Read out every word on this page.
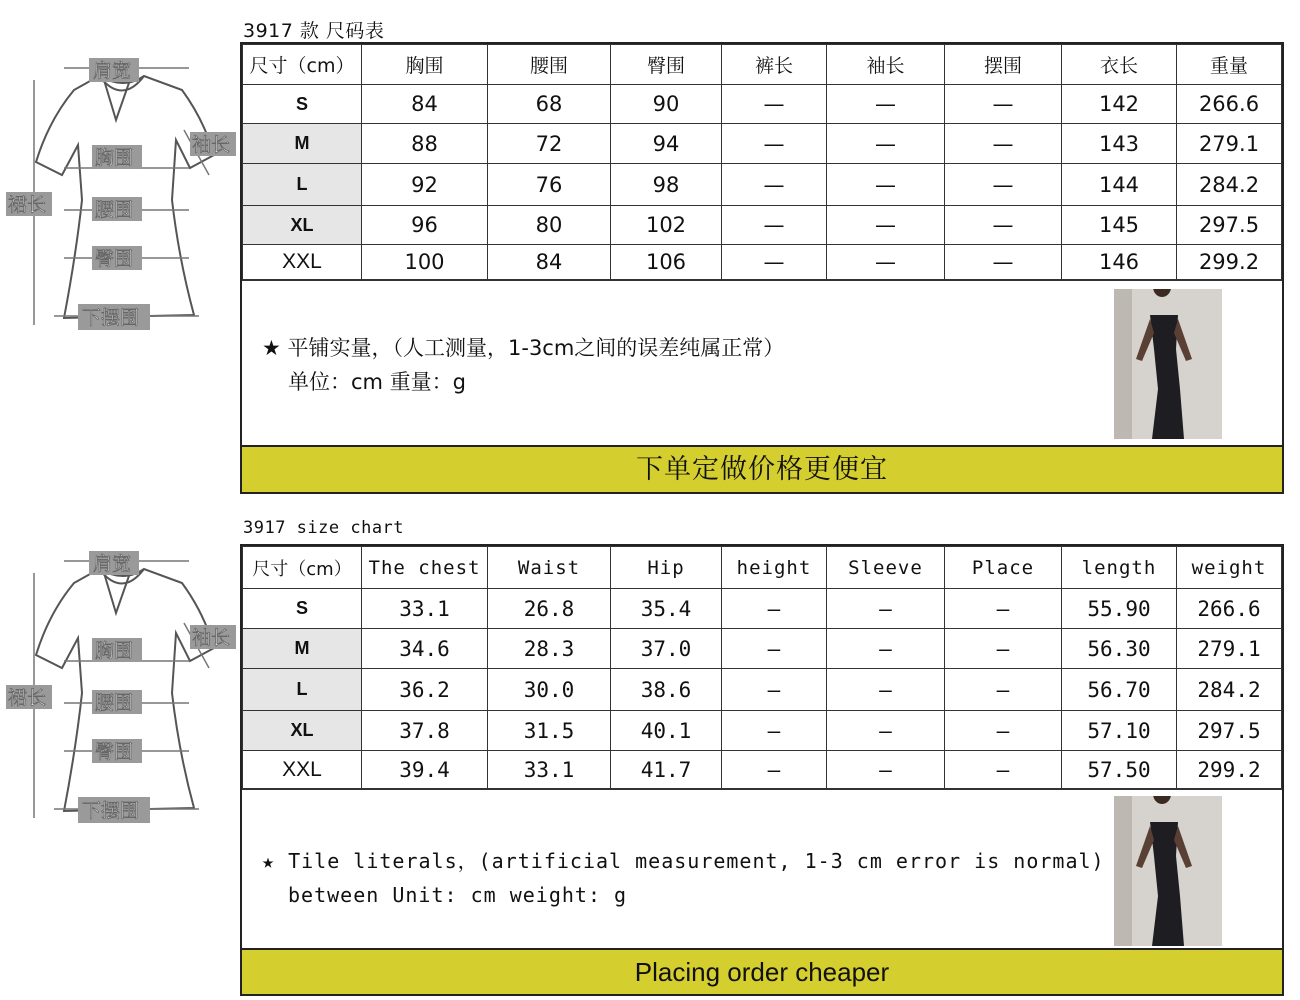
肩宽
袖长
胸围
裙长	腰围
臀围
下摆围
3917 款 尺码表
尺寸（cm）	胸围	腰围	臀围	裤长	袖长	摆围	衣长	重量
S	84	68	90	—	—	—	142	266.6
M	88	72	94	—	—	—	143	279.1
L	92	76	98	—	—	—	144	284.2
XL	96	80	102	—	—	—	145	297.5
XXL	100	84	106	—	—	—	146	299.2
★ 平铺实量，（人工测量，1-3cm之间的误差纯属正常）
单位：cm 重量：g
下单定做价格更便宜
肩宽
袖长
胸围
裙长	腰围
臀围
下摆围
3917 size chart
尺寸（cm）	The chest	Waist	Hip	height	Sleeve	Place	length	weight
S	33.1	26.8	35.4	—	—	—	55.90	266.6
M	34.6	28.3	37.0	—	—	—	56.30	279.1
L	36.2	30.0	38.6	—	—	—	56.70	284.2
XL	37.8	31.5	40.1	—	—	—	57.10	297.5
XXL	39.4	33.1	41.7	—	—	—	57.50	299.2
★ Tile literals，(artificial measurement, 1-3 cm error is normal)
between Unit: cm weight: g
Placing order cheaper
